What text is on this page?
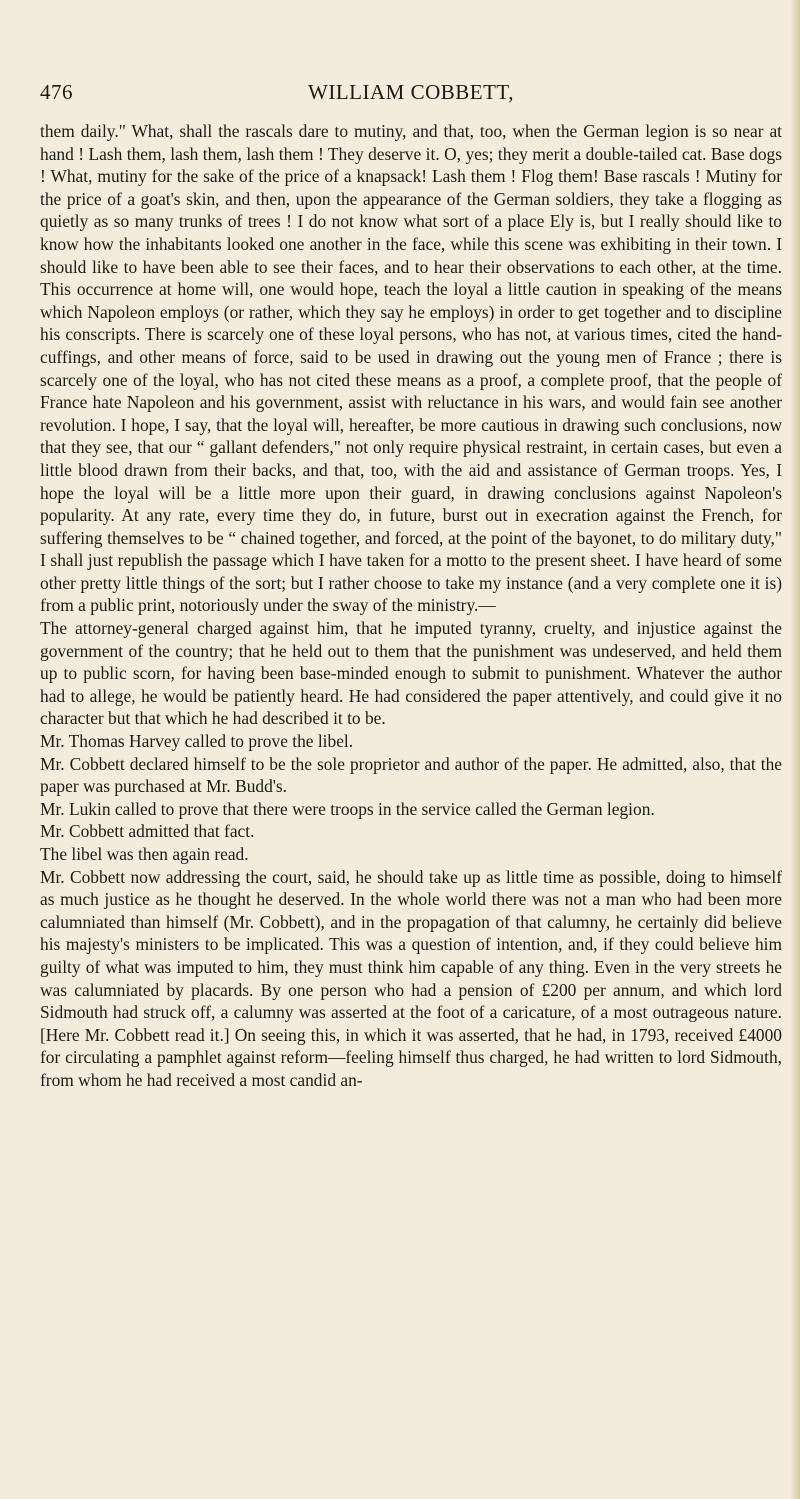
476	WILLIAM COBBETT,

them daily." What, shall the rascals dare to mutiny, and that, too, when the German legion is so near at hand ! Lash them, lash them, lash them ! They deserve it. O, yes; they merit a double-tailed cat. Base dogs ! What, mutiny for the sake of the price of a knapsack! Lash them ! Flog them! Base rascals ! Mutiny for the price of a goat's skin, and then, upon the appearance of the German soldiers, they take a flogging as quietly as so many trunks of trees ! I do not know what sort of a place Ely is, but I really should like to know how the inhabitants looked one another in the face, while this scene was exhibiting in their town. I should like to have been able to see their faces, and to hear their observations to each other, at the time. This occurrence at home will, one would hope, teach the loyal a little caution in speaking of the means which Napoleon employs (or rather, which they say he employs) in order to get together and to discipline his conscripts. There is scarcely one of these loyal persons, who has not, at various times, cited the hand-cuffings, and other means of force, said to be used in drawing out the young men of France ; there is scarcely one of the loyal, who has not cited these means as a proof, a complete proof, that the people of France hate Napoleon and his government, assist with reluctance in his wars, and would fain see another revolution. I hope, I say, that the loyal will, hereafter, be more cautious in drawing such conclusions, now that they see, that our “ gallant defenders," not only require physical restraint, in certain cases, but even a little blood drawn from their backs, and that, too, with the aid and assistance of German troops. Yes, I hope the loyal will be a little more upon their guard, in drawing conclusions against Napoleon's popularity. At any rate, every time they do, in future, burst out in execration against the French, for suffering themselves to be “ chained together, and forced, at the point of the bayonet, to do military duty," I shall just republish the passage which I have taken for a motto to the present sheet. I have heard of some other pretty little things of the sort; but I rather choose to take my instance (and a very complete one it is) from a public print, notoriously under the sway of the ministry.—

The attorney-general charged against him, that he imputed tyranny, cruelty, and injustice against the government of the country; that he held out to them that the punishment was undeserved, and held them up to public scorn, for having been base-minded enough to submit to punishment. Whatever the author had to allege, he would be patiently heard. He had considered the paper attentively, and could give it no character but that which he had described it to be.

Mr. Thomas Harvey called to prove the libel.

Mr. Cobbett declared himself to be the sole proprietor and author of the paper. He admitted, also, that the paper was purchased at Mr. Budd's.

Mr. Lukin called to prove that there were troops in the service called the German legion.

Mr. Cobbett admitted that fact.

The libel was then again read.

Mr. Cobbett now addressing the court, said, he should take up as little time as possible, doing to himself as much justice as he thought he deserved. In the whole world there was not a man who had been more calumniated than himself (Mr. Cobbett), and in the propagation of that calumny, he certainly did believe his majesty's ministers to be implicated. This was a question of intention, and, if they could believe him guilty of what was imputed to him, they must think him capable of any thing. Even in the very streets he was calumniated by placards. By one person who had a pension of £200 per annum, and which lord Sidmouth had struck off, a calumny was asserted at the foot of a caricature, of a most outrageous nature. [Here Mr. Cobbett read it.] On seeing this, in which it was asserted, that he had, in 1793, received £4000 for circulating a pamphlet against reform—feeling himself thus charged, he had written to lord Sidmouth, from whom he had received a most candid an-
